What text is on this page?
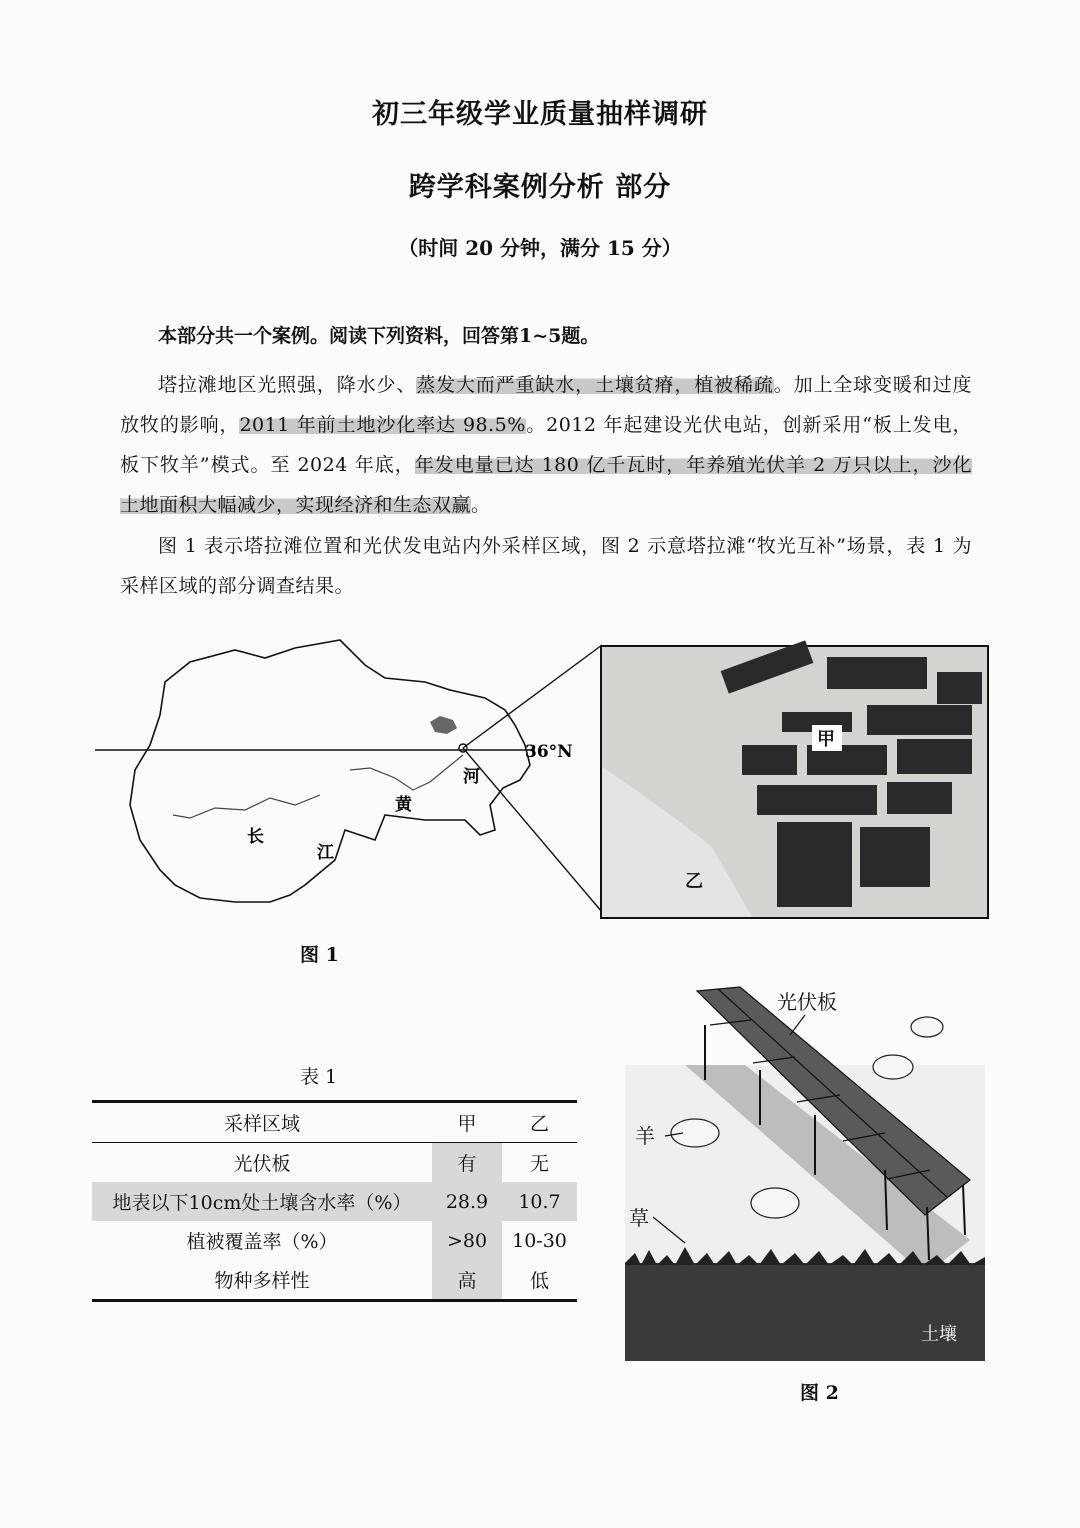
初三年级学业质量抽样调研
跨学科案例分析 部分
（时间 20 分钟，满分 15 分）
本部分共一个案例。阅读下列资料，回答第1~5题。
塔拉滩地区光照强，降水少、蒸发大而严重缺水，土壤贫瘠，植被稀疏。加上全球变暖和过度放牧的影响，2011 年前土地沙化率达 98.5%。2012 年起建设光伏电站，创新采用“板上发电，板下牧羊”模式。至 2024 年底，年发电量已达 180 亿千瓦时，年养殖光伏羊 2 万只以上，沙化土地面积大幅减少，实现经济和生态双赢。
图 1 表示塔拉滩位置和光伏发电站内外采样区域，图 2 示意塔拉滩“牧光互补”场景，表 1 为采样区域的部分调查结果。
36°N
长
江
黄
河
甲
乙
图 1
表 1
采样区域	甲	乙
光伏板	有	无
地表以下10cm处土壤含水率（%）	28.9	10.7
植被覆盖率（%）	>80	10-30
物种多样性	高	低
光伏板
羊
草
土壤
图 2
